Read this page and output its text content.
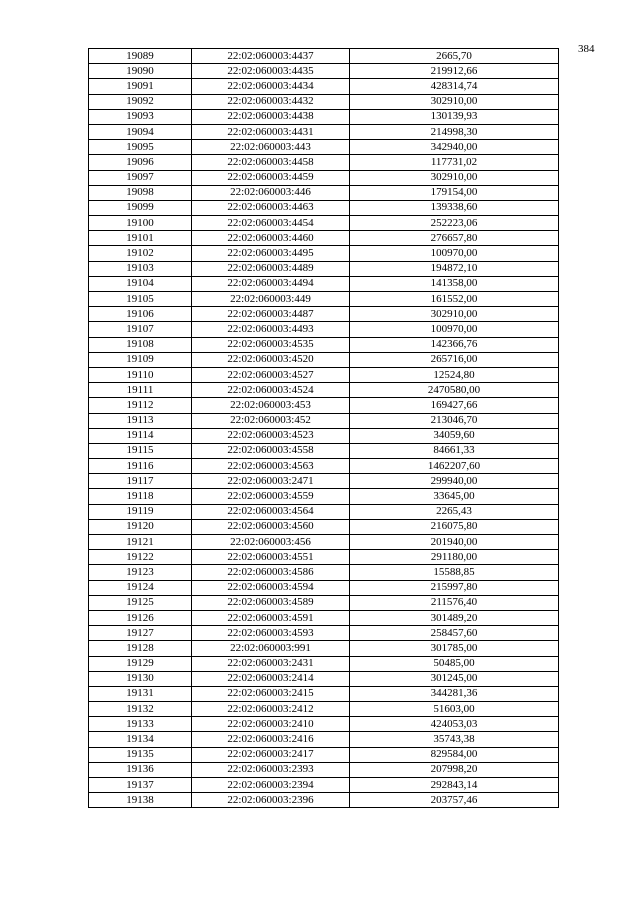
384
19089	22:02:060003:4437	2665,70
19090	22:02:060003:4435	219912,66
19091	22:02:060003:4434	428314,74
19092	22:02:060003:4432	302910,00
19093	22:02:060003:4438	130139,93
19094	22:02:060003:4431	214998,30
19095	22:02:060003:443	342940,00
19096	22:02:060003:4458	117731,02
19097	22:02:060003:4459	302910,00
19098	22:02:060003:446	179154,00
19099	22:02:060003:4463	139338,60
19100	22:02:060003:4454	252223,06
19101	22:02:060003:4460	276657,80
19102	22:02:060003:4495	100970,00
19103	22:02:060003:4489	194872,10
19104	22:02:060003:4494	141358,00
19105	22:02:060003:449	161552,00
19106	22:02:060003:4487	302910,00
19107	22:02:060003:4493	100970,00
19108	22:02:060003:4535	142366,76
19109	22:02:060003:4520	265716,00
19110	22:02:060003:4527	12524,80
19111	22:02:060003:4524	2470580,00
19112	22:02:060003:453	169427,66
19113	22:02:060003:452	213046,70
19114	22:02:060003:4523	34059,60
19115	22:02:060003:4558	84661,33
19116	22:02:060003:4563	1462207,60
19117	22:02:060003:2471	299940,00
19118	22:02:060003:4559	33645,00
19119	22:02:060003:4564	2265,43
19120	22:02:060003:4560	216075,80
19121	22:02:060003:456	201940,00
19122	22:02:060003:4551	291180,00
19123	22:02:060003:4586	15588,85
19124	22:02:060003:4594	215997,80
19125	22:02:060003:4589	211576,40
19126	22:02:060003:4591	301489,20
19127	22:02:060003:4593	258457,60
19128	22:02:060003:991	301785,00
19129	22:02:060003:2431	50485,00
19130	22:02:060003:2414	301245,00
19131	22:02:060003:2415	344281,36
19132	22:02:060003:2412	51603,00
19133	22:02:060003:2410	424053,03
19134	22:02:060003:2416	35743,38
19135	22:02:060003:2417	829584,00
19136	22:02:060003:2393	207998,20
19137	22:02:060003:2394	292843,14
19138	22:02:060003:2396	203757,46
